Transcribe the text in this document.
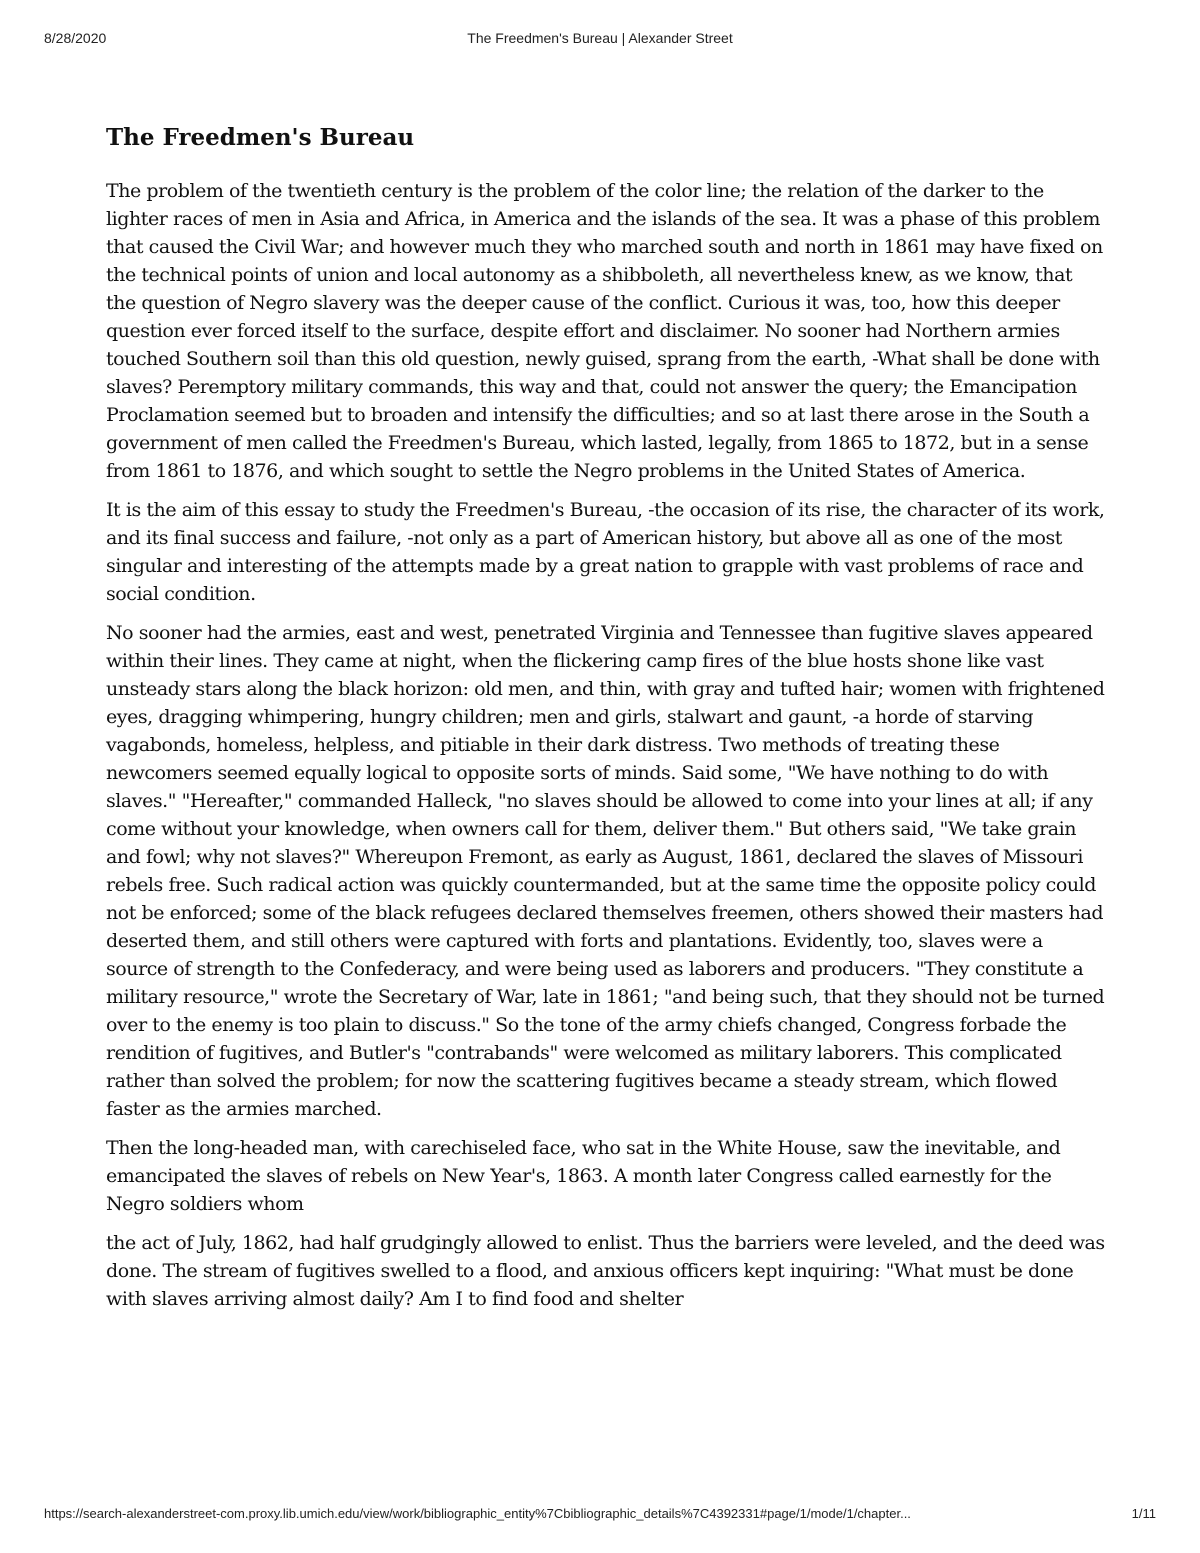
8/28/2020	The Freedmen's Bureau | Alexander Street
The Freedmen's Bureau

The problem of the twentieth century is the problem of the color line; the relation of the darker to the lighter races of men in Asia and Africa, in America and the islands of the sea. It was a phase of this problem that caused the Civil War; and however much they who marched south and north in 1861 may have fixed on the technical points of union and local autonomy as a shibboleth, all nevertheless knew, as we know, that the question of Negro slavery was the deeper cause of the conflict. Curious it was, too, how this deeper question ever forced itself to the surface, despite effort and disclaimer. No sooner had Northern armies touched Southern soil than this old question, newly guised, sprang from the earth, -What shall be done with slaves? Peremptory military commands, this way and that, could not answer the query; the Emancipation Proclamation seemed but to broaden and intensify the difficulties; and so at last there arose in the South a government of men called the Freedmen's Bureau, which lasted, legally, from 1865 to 1872, but in a sense from 1861 to 1876, and which sought to settle the Negro problems in the United States of America.

It is the aim of this essay to study the Freedmen's Bureau, -the occasion of its rise, the character of its work, and its final success and failure, -not only as a part of American history, but above all as one of the most singular and interesting of the attempts made by a great nation to grapple with vast problems of race and social condition.

No sooner had the armies, east and west, penetrated Virginia and Tennessee than fugitive slaves appeared within their lines. They came at night, when the flickering camp fires of the blue hosts shone like vast unsteady stars along the black horizon: old men, and thin, with gray and tufted hair; women with frightened eyes, dragging whimpering, hungry children; men and girls, stalwart and gaunt, -a horde of starving vagabonds, homeless, helpless, and pitiable in their dark distress. Two methods of treating these newcomers seemed equally logical to opposite sorts of minds. Said some, "We have nothing to do with slaves." "Hereafter," commanded Halleck, "no slaves should be allowed to come into your lines at all; if any come without your knowledge, when owners call for them, deliver them." But others said, "We take grain and fowl; why not slaves?" Whereupon Fremont, as early as August, 1861, declared the slaves of Missouri rebels free. Such radical action was quickly countermanded, but at the same time the opposite policy could not be enforced; some of the black refugees declared themselves freemen, others showed their masters had deserted them, and still others were captured with forts and plantations. Evidently, too, slaves were a source of strength to the Confederacy, and were being used as laborers and producers. "They constitute a military resource," wrote the Secretary of War, late in 1861; "and being such, that they should not be turned over to the enemy is too plain to discuss." So the tone of the army chiefs changed, Congress forbade the rendition of fugitives, and Butler's "contrabands" were welcomed as military laborers. This complicated rather than solved the problem; for now the scattering fugitives became a steady stream, which flowed faster as the armies marched.

Then the long-headed man, with carechiseled face, who sat in the White House, saw the inevitable, and emancipated the slaves of rebels on New Year's, 1863. A month later Congress called earnestly for the Negro soldiers whom

the act of July, 1862, had half grudgingly allowed to enlist. Thus the barriers were leveled, and the deed was done. The stream of fugitives swelled to a flood, and anxious officers kept inquiring: "What must be done with slaves arriving almost daily? Am I to find food and shelter

https://search-alexanderstreet-com.proxy.lib.umich.edu/view/work/bibliographic_entity%7Cbibliographic_details%7C4392331#page/1/mode/1/chapter...	1/11
